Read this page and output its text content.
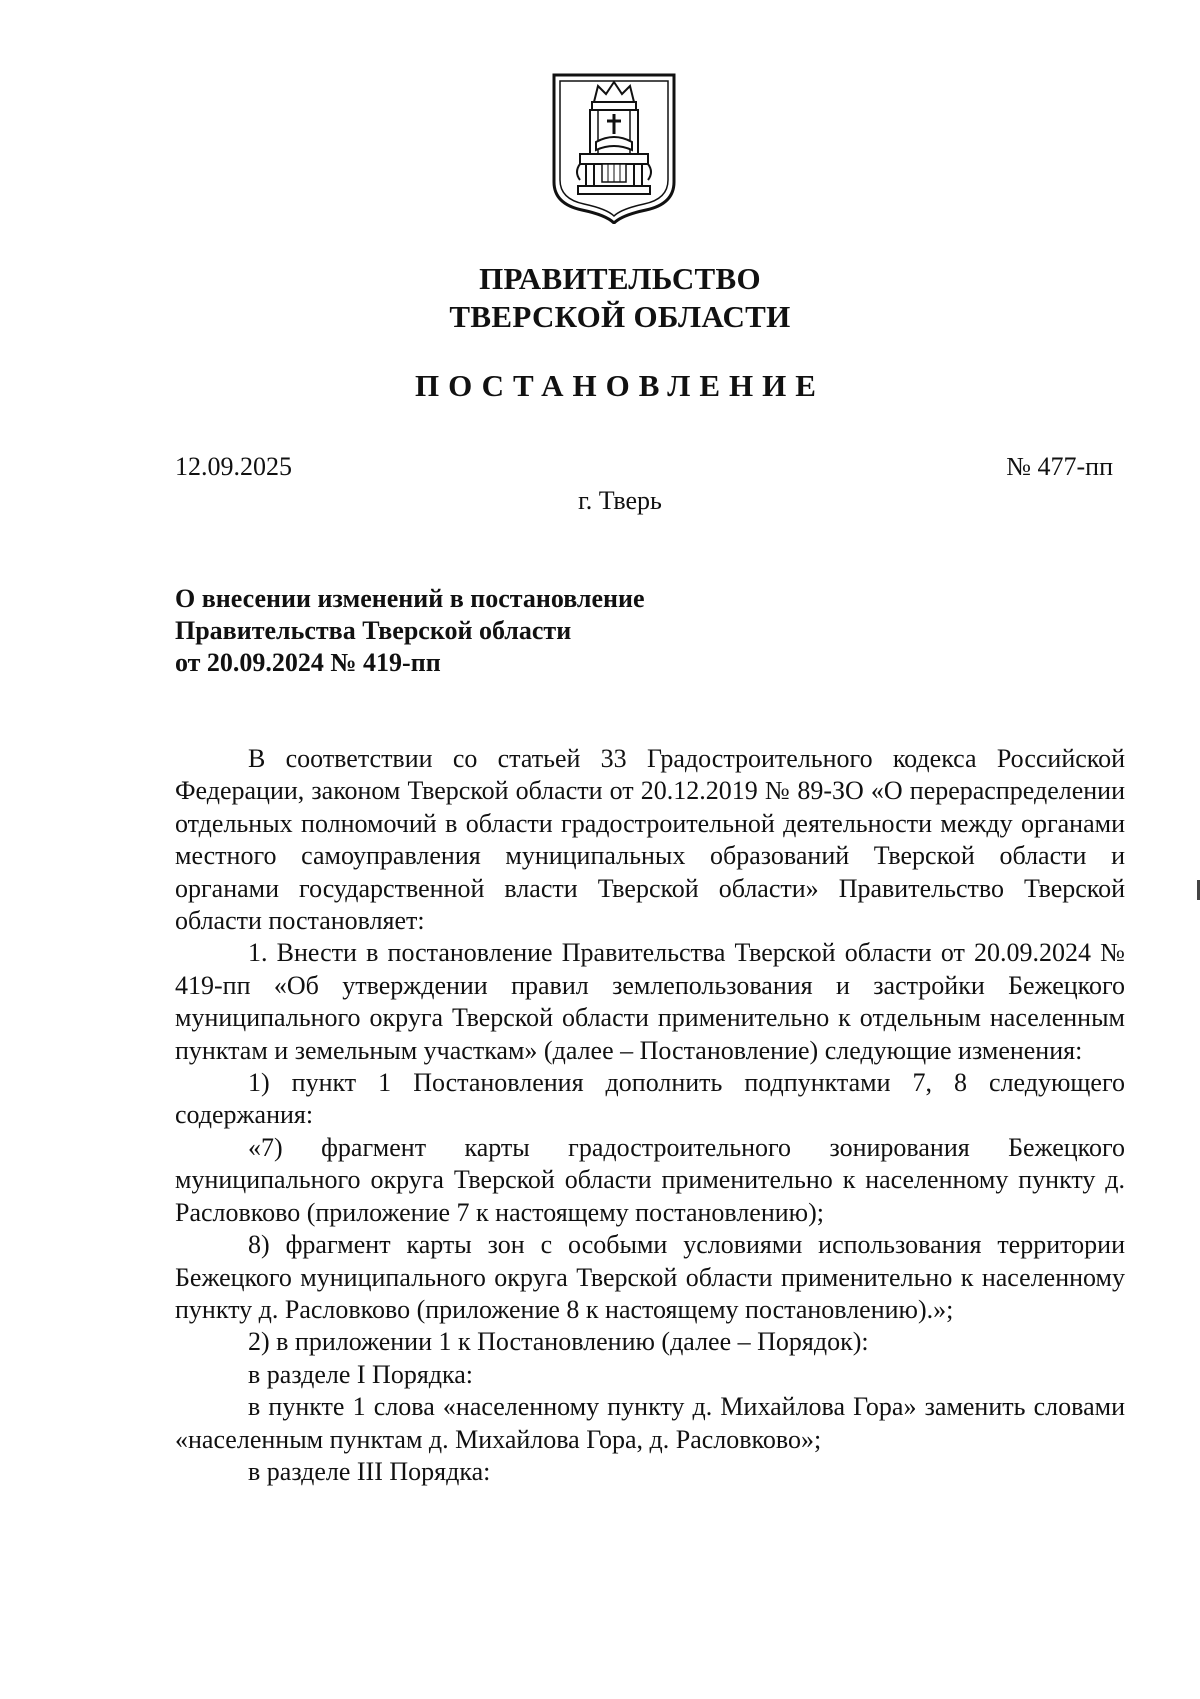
ПРАВИТЕЛЬСТВО
ТВЕРСКОЙ ОБЛАСТИ
ПОСТАНОВЛЕНИЕ
12.09.2025	№ 477-пп
г. Тверь
О внесении изменений в постановление
Правительства Тверской области
от 20.09.2024 № 419-пп

В соответствии со статьей 33 Градостроительного кодекса Российской Федерации, законом Тверской области от 20.12.2019 № 89-ЗО «О перераспределении отдельных полномочий в области градостроительной деятельности между органами местного самоуправления муниципальных образований Тверской области и органами государственной власти Тверской области» Правительство Тверской области постановляет:

1. Внести в постановление Правительства Тверской области от 20.09.2024 № 419-пп «Об утверждении правил землепользования и застройки Бежецкого муниципального округа Тверской области применительно к отдельным населенным пунктам и земельным участкам» (далее – Постановление) следующие изменения:

1) пункт 1 Постановления дополнить подпунктами 7, 8 следующего содержания:

«7) фрагмент карты градостроительного зонирования Бежецкого муниципального округа Тверской области применительно к населенному пункту д. Расловково (приложение 7 к настоящему постановлению);

8) фрагмент карты зон с особыми условиями использования территории Бежецкого муниципального округа Тверской области применительно к населенному пункту д. Расловково (приложение 8 к настоящему постановлению).»;

2) в приложении 1 к Постановлению (далее – Порядок):

в разделе I Порядка:

в пункте 1 слова «населенному пункту д. Михайлова Гора» заменить словами «населенным пунктам д. Михайлова Гора, д. Расловково»;

в разделе III Порядка:
